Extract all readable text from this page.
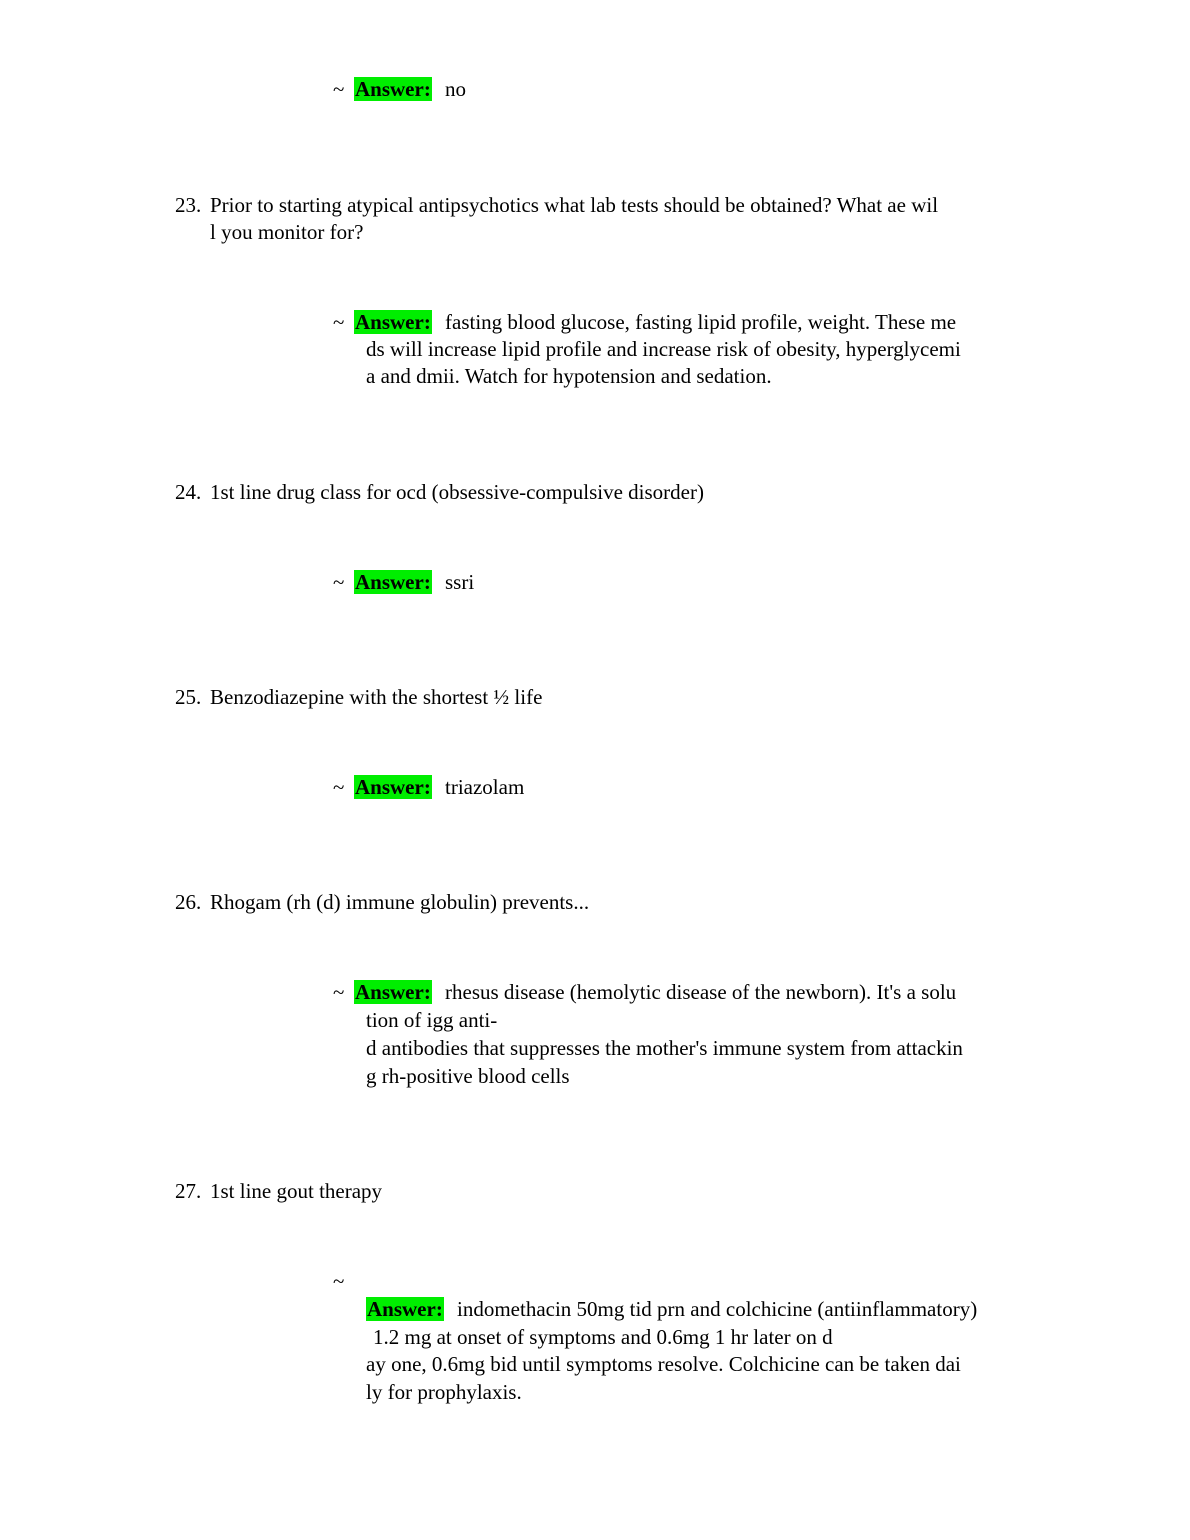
~ Answer: no
23. Prior to starting atypical antipsychotics what lab tests should be obtained? What ae wil
l you monitor for?
~ Answer: fasting blood glucose, fasting lipid profile, weight. These me
ds will increase lipid profile and increase risk of obesity, hyperglycemi
a and dmii. Watch for hypotension and sedation.
24. 1st line drug class for ocd (obsessive-compulsive disorder)
~ Answer: ssri
25. Benzodiazepine with the shortest ½ life
~ Answer: triazolam
26. Rhogam (rh (d) immune globulin) prevents...
~ Answer: rhesus disease (hemolytic disease of the newborn). It's a solu
tion of igg anti-
d antibodies that suppresses the mother's immune system from attackin
g rh-positive blood cells
27. 1st line gout therapy
~
Answer: indomethacin 50mg tid prn and colchicine (antiinflammatory)
1.2 mg at onset of symptoms and 0.6mg 1 hr later on d
ay one, 0.6mg bid until symptoms resolve. Colchicine can be taken dai
ly for prophylaxis.
